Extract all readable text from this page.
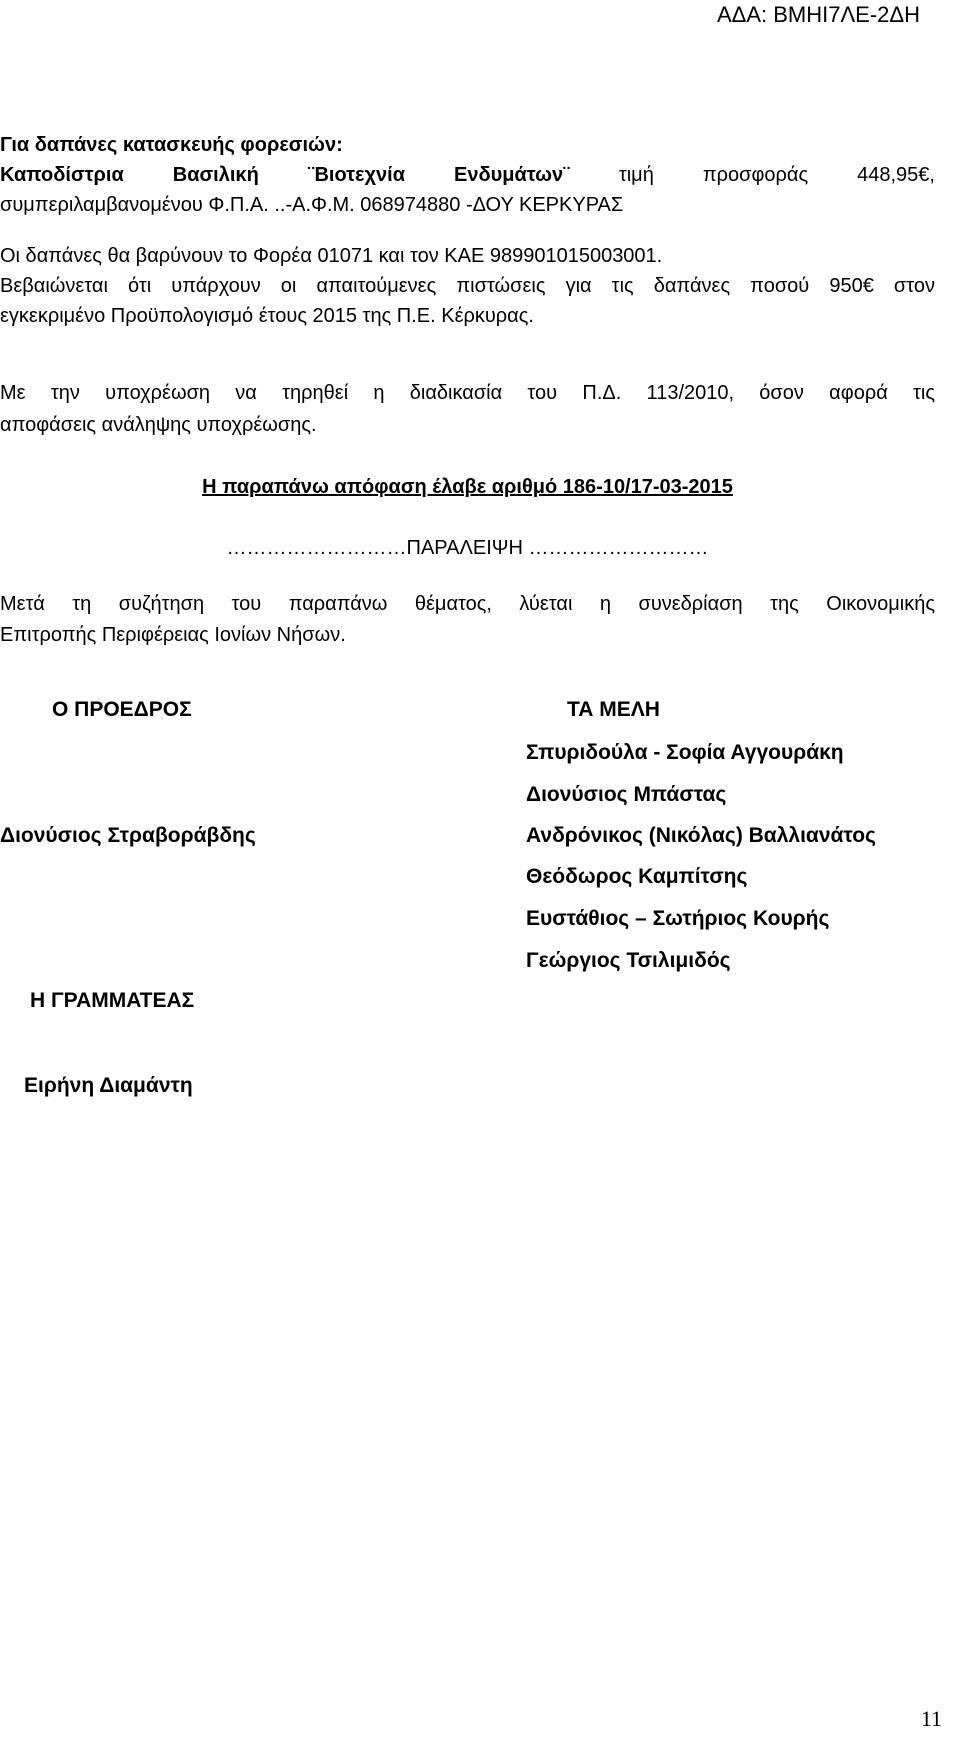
ΑΔΑ: ΒΜΗΙ7ΛΕ-2ΔΗ

Για δαπάνες κατασκευής φορεσιών:

Καποδίστρια Βασιλική ¨Βιοτεχνία Ενδυμάτων¨ τιμή προσφοράς 448,95€,

συμπεριλαμβανομένου Φ.Π.Α. ..-Α.Φ.Μ. 068974880 -ΔΟΥ ΚΕΡΚΥΡΑΣ

Οι δαπάνες θα βαρύνουν το Φορέα 01071 και τον ΚΑΕ 98990101500300​1.

Βεβαιώνεται ότι υπάρχουν οι απαιτούμενες πιστώσεις για τις δαπάνες ποσού 950€ στον

εγκεκριμένο Προϋπολογισμό έτους 2015 της Π.Ε. Κέρκυρας.

Με την υποχρέωση να τηρηθεί η διαδικασία του Π.Δ. 113/2010, όσον αφορά τις

αποφάσεις ανάληψης υποχρέωσης.

Η παραπάνω απόφαση έλαβε αριθμό 186-10/17-03-2015

………………………ΠΑΡΑΛΕΙΨΗ ………………………

Μετά τη συζήτηση του παραπάνω θέματος, λύεται η συνεδρίαση της Οικονομικής

Επιτροπής Περιφέρειας Ιονίων Νήσων.

Ο ΠΡΟΕΔΡΟΣ
Διονύσιος Στραβοράβδης
Η ΓΡΑΜΜΑΤΕΑΣ
Ειρήνη Διαμάντη
ΤΑ ΜΕΛΗ
Σπυριδούλα - Σοφία Αγγουράκη
Διονύσιος Μπάστας
Ανδρόνικος (Νικόλας) Βαλλιανάτος
Θεόδωρος Καμπίτσης
Ευστάθιος – Σωτήριος Κουρής
Γεώργιος Τσιλιμιδός
11
